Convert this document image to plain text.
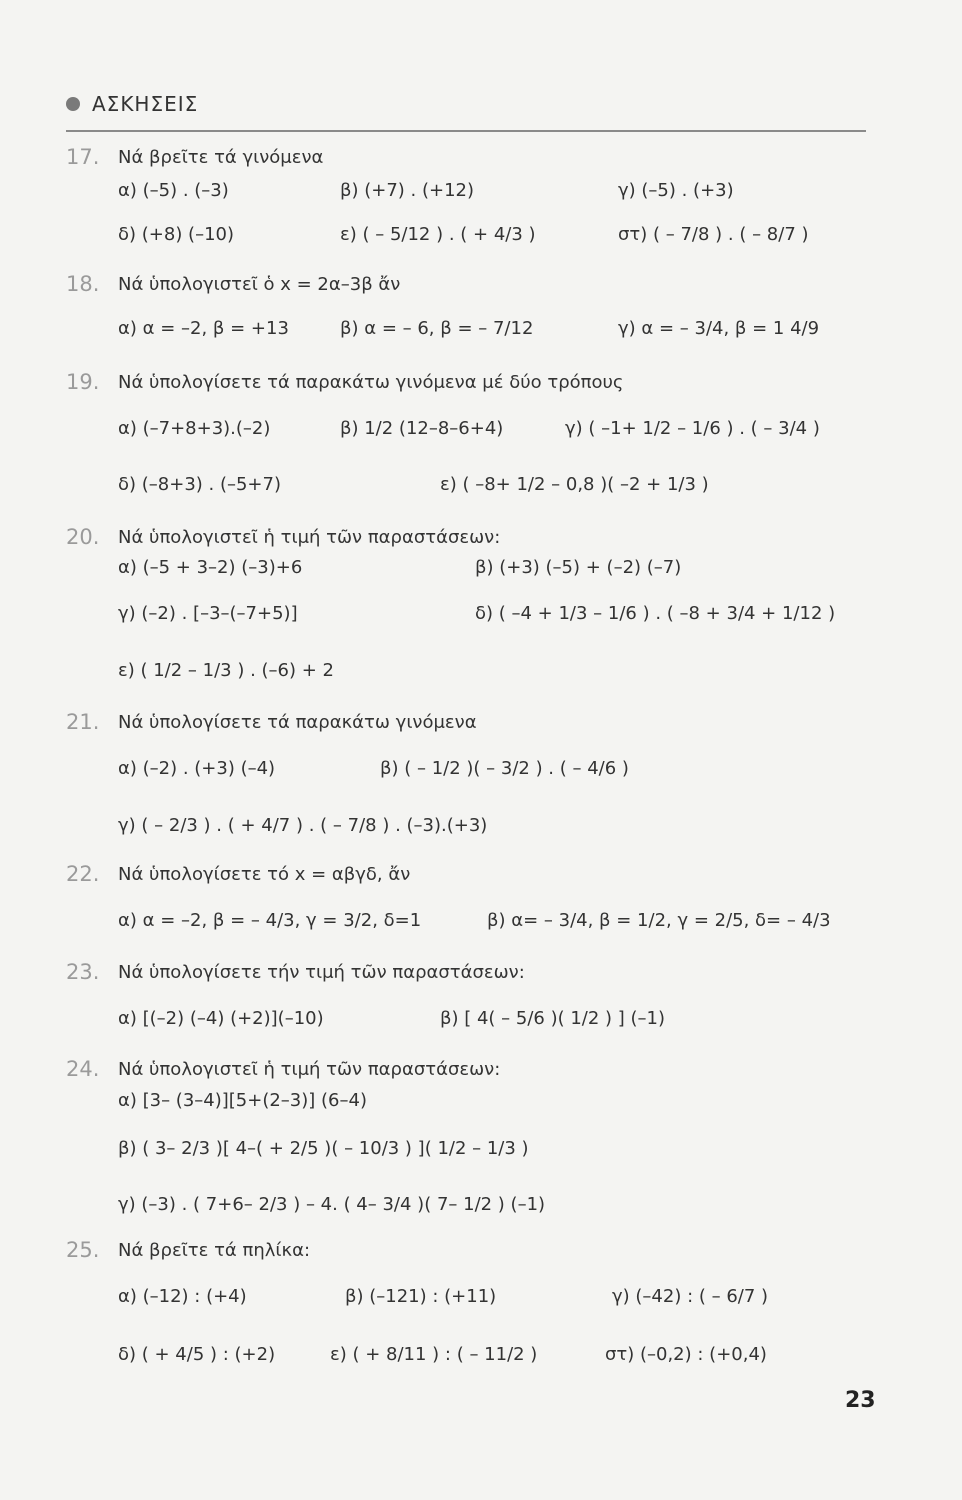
ΑΣΚΗΣΕΙΣ
17. Νά βρεῖτε τά γινόμενα
α) (–5) . (–3)	β) (+7) . (+12)	γ) (–5) . (+3)
δ) (+8) (–10)	ε) ( – 5/12 ) . ( + 4/3 )	στ) ( – 7/8 ) . ( – 8/7 )
18. Νά ὑπολογιστεῖ ὁ x = 2α–3β ἄν
α) α = –2, β = +13	β) α = – 6, β = – 7/12	γ) α = – 3/4, β = 1 4/9
19. Νά ὑπολογίσετε τά παρακάτω γινόμενα μέ δύο τρόπους
α) (–7+8+3).(–2)	β) 1/2 (12–8–6+4)	γ) ( –1+ 1/2 – 1/6 ) . ( – 3/4 )
δ) (–8+3) . (–5+7)	ε) ( –8+ 1/2 – 0,8 )( –2 + 1/3 )
20. Νά ὑπολογιστεῖ ἡ τιμή τῶν παραστάσεων:
α) (–5 + 3–2) (–3)+6	β) (+3) (–5) + (–2) (–7)
γ) (–2) . [–3–(–7+5)]	δ) ( –4 + 1/3 – 1/6 ) . ( –8 + 3/4 + 1/12 )
ε) ( 1/2 – 1/3 ) . (–6) + 2
21. Νά ὑπολογίσετε τά παρακάτω γινόμενα
α) (–2) . (+3) (–4)	β) ( – 1/2 )( – 3/2 ) . ( – 4/6 )
γ) ( – 2/3 ) . ( + 4/7 ) . ( – 7/8 ) . (–3).(+3)
22. Νά ὑπολογίσετε τό x = αβγδ, ἄν
α) α = –2, β = – 4/3, γ = 3/2, δ=1	β) α= – 3/4, β = 1/2, γ = 2/5, δ= – 4/3
23. Νά ὑπολογίσετε τήν τιμή τῶν παραστάσεων:
α) [(–2) (–4) (+2)](–10)	β) [ 4( – 5/6 )( 1/2 ) ] (–1)
24. Νά ὑπολογιστεῖ ἡ τιμή τῶν παραστάσεων:
α) [3– (3–4)][5+(2–3)] (6–4)
β) ( 3– 2/3 )[ 4–( + 2/5 )( – 10/3 ) ]( 1/2 – 1/3 )
γ) (–3) . ( 7+6– 2/3 ) – 4. ( 4– 3/4 )( 7– 1/2 ) (–1)
25. Νά βρεῖτε τά πηλίκα:
α) (–12) : (+4)	β) (–121) : (+11)	γ) (–42) : ( – 6/7 )
δ) ( + 4/5 ) : (+2)	ε) ( + 8/11 ) : ( – 11/2 )	στ) (–0,2) : (+0,4)
23
